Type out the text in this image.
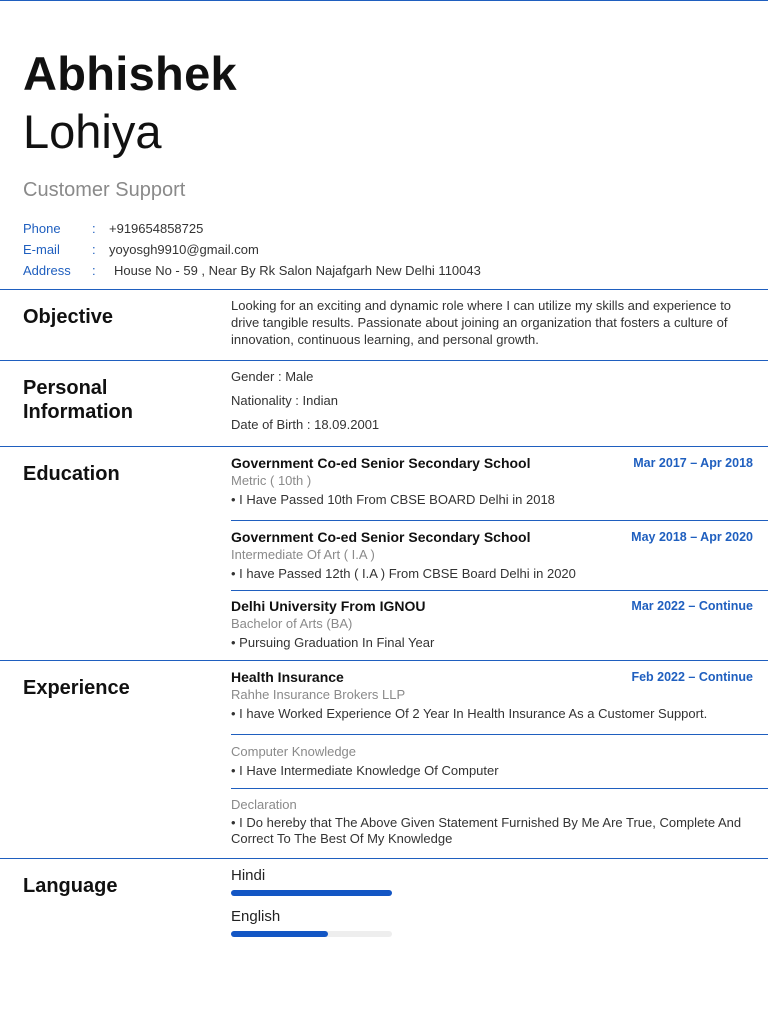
Abhishek
Lohiya
Customer Support
Phone	:	+919654858725
E-mail	:	yoyosgh9910@gmail.com
Address	:	House No - 59 , Near By Rk Salon Najafgarh New Delhi 110043
Objective
Looking for an exciting and dynamic role where I can utilize my skills and experience to drive tangible results. Passionate about joining an organization that fosters a culture of innovation, continuous learning, and personal growth.
Personal
Information
Gender : Male
Nationality : Indian
Date of Birth : 18.09.2001
Education	Government Co-ed Senior Secondary School	Mar 2017 – Apr 2018
Metric ( 10th )
• I Have Passed 10th From CBSE BOARD Delhi in 2018
Government Co-ed Senior Secondary School	May 2018 – Apr 2020
Intermediate Of Art ( I.A )
• I have Passed 12th ( I.A ) From CBSE Board Delhi in 2020
Delhi University From IGNOU	Mar 2022 – Continue
Bachelor of Arts (BA)
• Pursuing Graduation In Final Year
Experience	Health Insurance	Feb 2022 – Continue
Rahhe Insurance Brokers LLP
• I have Worked Experience Of 2 Year In Health Insurance As a Customer Support.
Computer Knowledge
• I Have Intermediate Knowledge Of Computer
Declaration
• I Do hereby that The Above Given Statement Furnished By Me Are True, Complete And Correct To The Best Of My Knowledge
Language	Hindi
English
